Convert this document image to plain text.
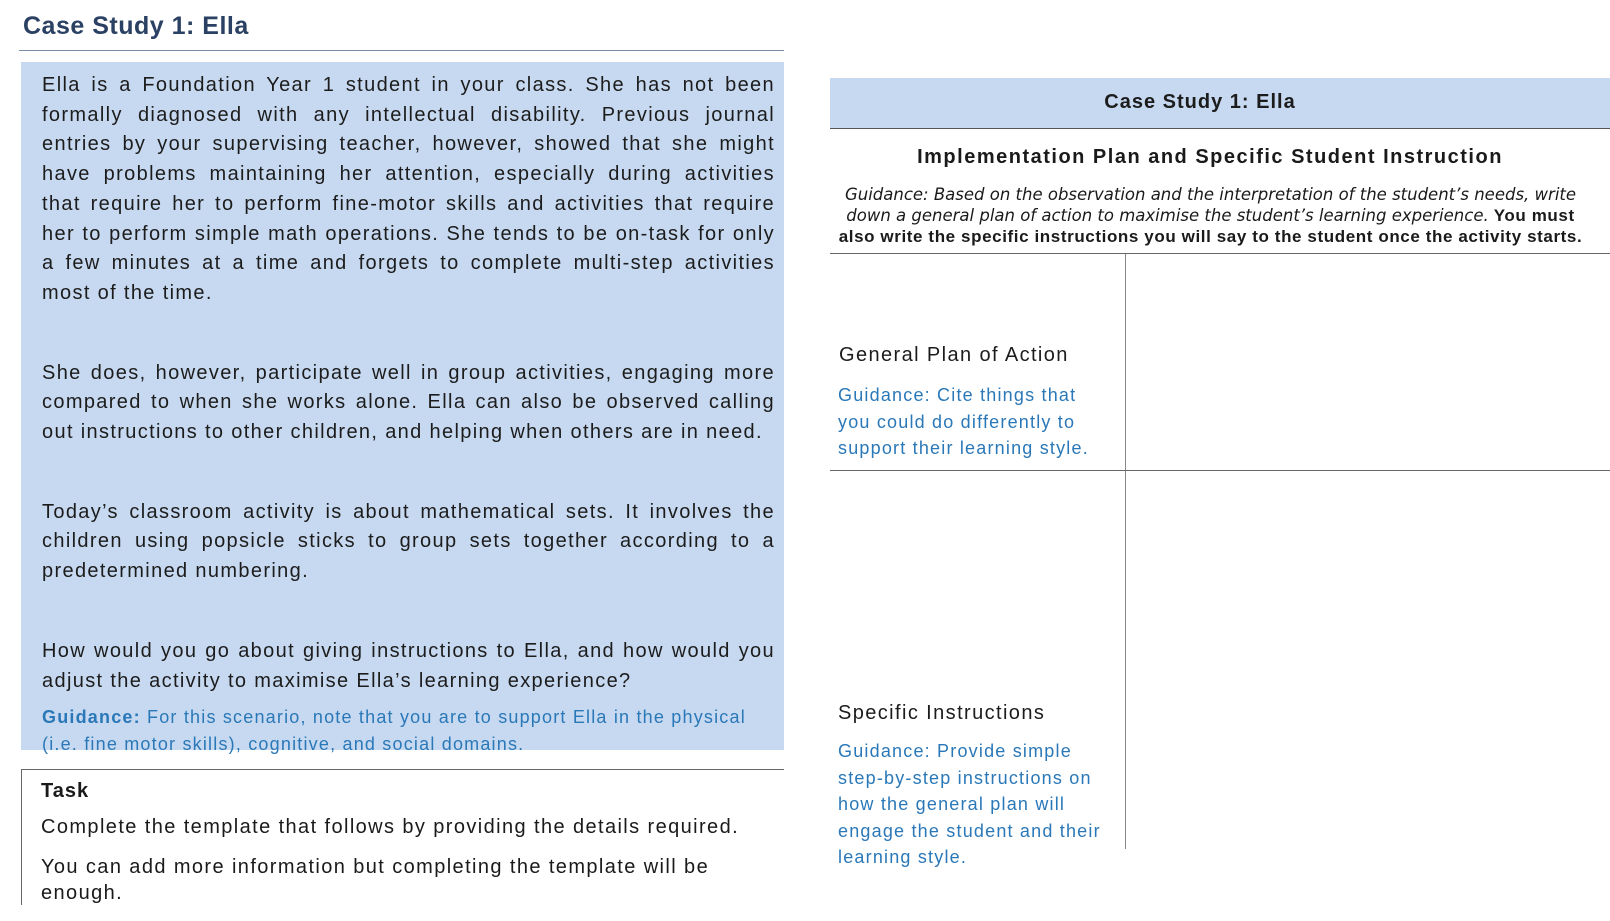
Case Study 1: Ella

Ella is a Foundation Year 1 student in your class. She has not been formally diagnosed with any intellectual disability. Previous journal entries by your supervising teacher, however, showed that she might have problems maintaining her attention, especially during activities that require her to perform fine-motor skills and activities that require her to perform simple math operations. She tends to be on-task for only a few minutes at a time and forgets to complete multi-step activities most of the time.

She does, however, participate well in group activities, engaging more compared to when she works alone. Ella can also be observed calling out instructions to other children, and helping when others are in need.

Today’s classroom activity is about mathematical sets. It involves the children using popsicle sticks to group sets together according to a predetermined numbering.

How would you go about giving instructions to Ella, and how would you adjust the activity to maximise Ella’s learning experience?

Guidance: For this scenario, note that you are to support Ella in the physical (i.e. fine motor skills), cognitive, and social domains.
Task
Complete the template that follows by providing the details required.
You can add more information but completing the template will be enough.
Case Study 1: Ella
Implementation Plan and Specific Student Instruction
Guidance: Based on the observation and the interpretation of the student’s needs, write down a general plan of action to maximise the student’s learning experience. You must also write the specific instructions you will say to the student once the activity starts.
General Plan of Action
Guidance: Cite things that you could do differently to support their learning style.
Specific Instructions
Guidance: Provide simple step-by-step instructions on how the general plan will engage the student and their learning style.
